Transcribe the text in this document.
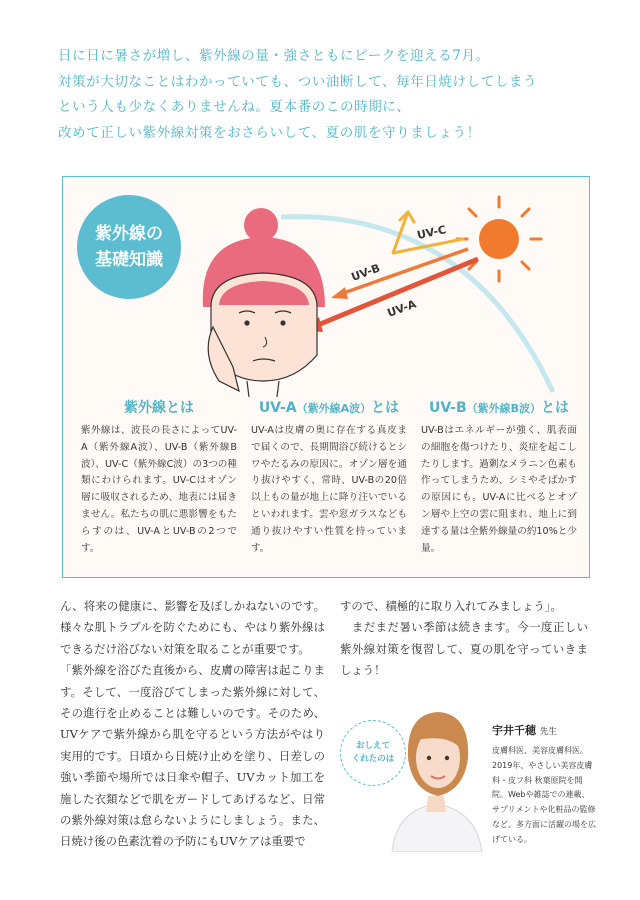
日に日に暑さが増し、紫外線の量・強さともにピークを迎える7月。

対策が大切なことはわかっていても、つい油断して、毎年日焼けしてしまう

という人も少なくありませんね。夏本番のこの時期に、

改めて正しい紫外線対策をおさらいして、夏の肌を守りましょう！

UV-C
UV-B
UV-A
紫外線の
基礎知識
紫外線とは

紫外線は、波長の長さによってUV-A（紫外線A波）、UV-B（紫外線B波）、UV-C（紫外線C波）の3つの種類にわけられます。UV-Cはオゾン層に吸収されるため、地表には届きません。私たちの肌に悪影響をもたらすのは、UV-AとUV-Bの2つです。

UV-A（紫外線A波）とは

UV-Aは皮膚の奥に存在する真皮まで届くので、長期間浴び続けるとシワやたるみの原因に。オゾン層を通り抜けやすく、常時、UV-Bの20倍以上もの量が地上に降り注いでいるといわれます。雲や窓ガラスなども通り抜けやすい性質を持っています。

UV-B（紫外線B波）とは

UV-Bはエネルギーが強く、肌表面の細胞を傷つけたり、炎症を起こしたりします。過剰なメラニン色素も作ってしまうため、シミやそばかすの原因にも。UV-Aに比べるとオゾン層や上空の雲に阻まれ、地上に到達する量は全紫外線量の約10%と少量。

ん、将来の健康に、影響を及ぼしかねないのです。様々な肌トラブルを防ぐためにも、やはり紫外線はできるだけ浴びない対策を取ることが重要です。

「紫外線を浴びた直後から、皮膚の障害は起こります。そして、一度浴びてしまった紫外線に対して、その進行を止めることは難しいのです。そのため、UVケアで紫外線から肌を守るという方法がやはり実用的です。日頃から日焼け止めを塗り、日差しの強い季節や場所では日傘や帽子、UVカット加工を施した衣類などで肌をガードしてあげるなど、日常の紫外線対策は怠らないようにしましょう。また、日焼け後の色素沈着の予防にもUVケアは重要で

すので、積極的に取り入れてみましょう」。

　まだまだ暑い季節は続きます。今一度正しい紫外線対策を復習して、夏の肌を守っていきましょう！

おしえて
くれたのは

宇井千穂 先生

皮膚科医、美容皮膚科医。2019年、やさしい美容皮膚科・皮フ科 秋葉原院を開院。Webや雑誌での連載、サプリメントや化粧品の監修など、多方面に活躍の場を広げている。
